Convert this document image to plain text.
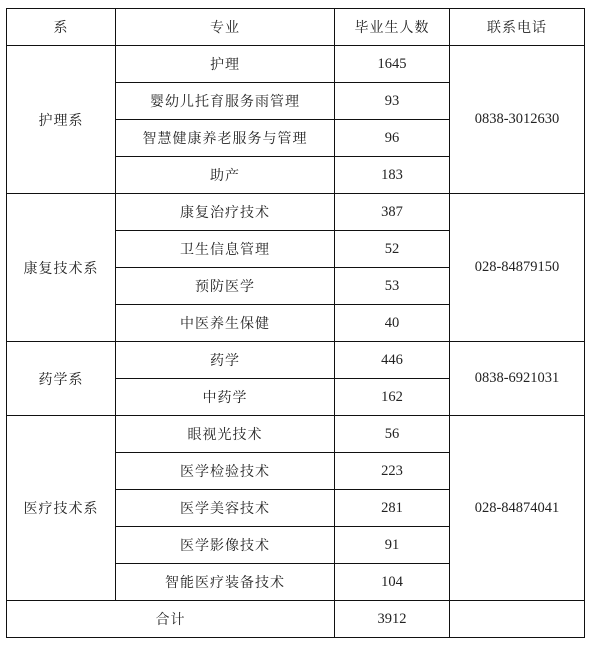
系	专业	毕业生人数	联系电话
护理系	护理	1645	0838-3012630
	婴幼儿托育服务雨管理	93	
	智慧健康养老服务与管理	96	
	助产	183	
康复技术系	康复治疗技术	387	028-84879150
	卫生信息管理	52	
	预防医学	53	
	中医养生保健	40	
药学系	药学	446	0838-6921031
	中药学	162	
医疗技术系	眼视光技术	56	028-84874041
	医学检验技术	223	
	医学美容技术	281	
	医学影像技术	91	
	智能医疗装备技术	104	
合计		3912	
